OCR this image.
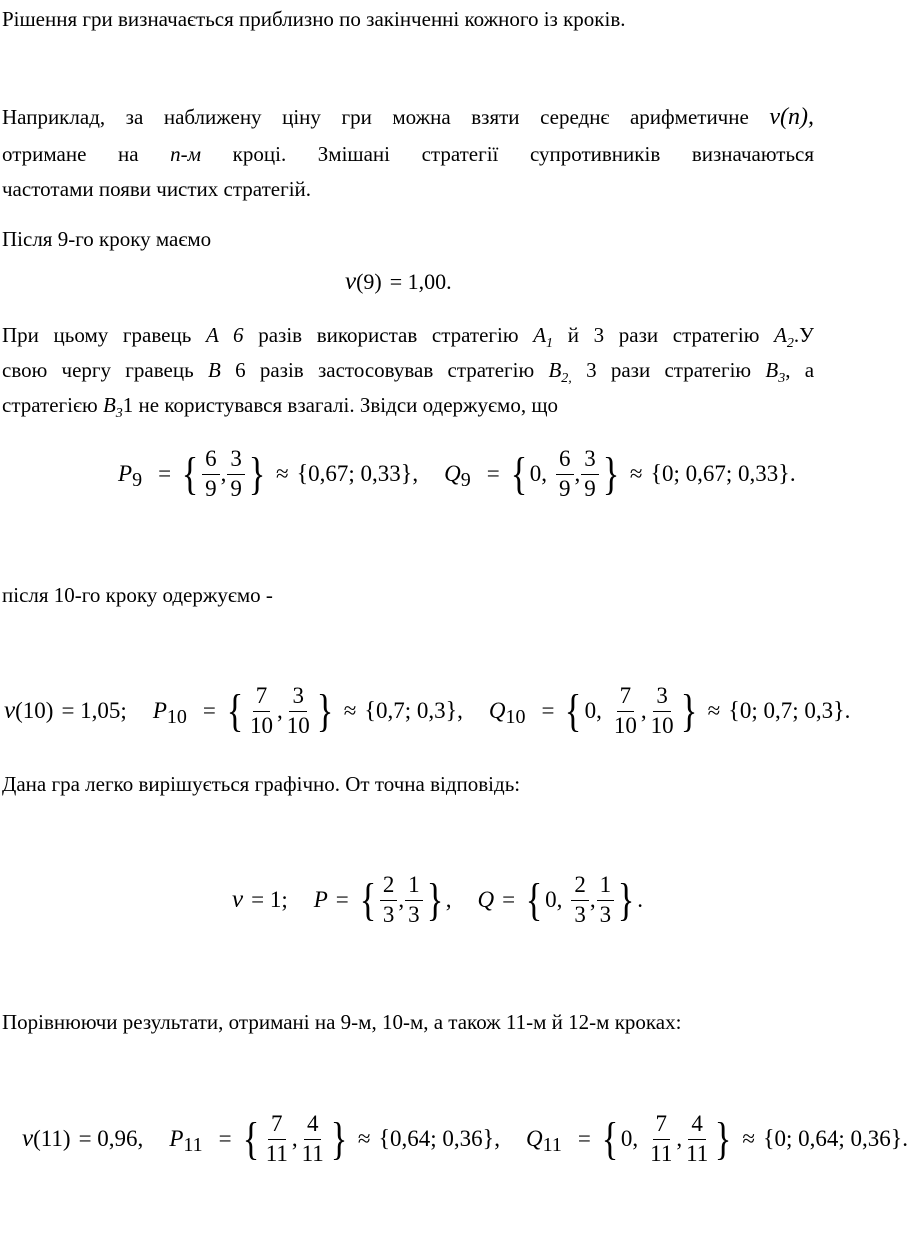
Рішення гри визначається приблизно по закінченні кожного із кроків.

Наприклад, за наближену ціну гри можна взяти середнє арифметичне ν(n),

отримане на n-м кроці. Змішані стратегії супротивників визначаються

частотами появи чистих стратегій.

Після 9-го кроку маємо

ν (9) = 1,00.

При цьому гравець A 6 разів використав стратегію $A_1$ й 3 рази стратегію $A_2.У$

свою чергу гравець B 6 разів застосовував стратегію $B_{2,}$ 3 рази стратегію $B_3$, а

стратегією $B_31$ не користувався взагалі. Звідси одержуємо, що

P 9 = { $\frac{6}{9}$ , $\frac{3}{9}$ } ≈ { 0,67; 0,33 } , Q 9 = { 0, $\frac{6}{9}$ , $\frac{3}{9}$ } ≈ { 0; 0,67; 0,33 } .

після 10-го кроку одержуємо -

ν (10) = 1,05; P 10 = { $\frac{7}{10}$ , $\frac{3}{10}$ } ≈ { 0,7; 0,3 } , Q 10 = { 0, $\frac{7}{10}$ , $\frac{3}{10}$ } ≈ { 0; 0,7; 0,3 } .

Дана гра легко вирішується графічно. От точна відповідь:

ν = 1; P = { $\frac{2}{3}$ , $\frac{1}{3}$ } , Q = { 0, $\frac{2}{3}$ , $\frac{1}{3}$ } .

Порівнюючи результати, отримані на 9-м, 10-м, а також 11-м й 12-м кроках:

ν (11) = 0,96, P 11 = { $\frac{7}{11}$ , $\frac{4}{11}$ } ≈ { 0,64; 0,36 } , Q 11 = { 0, $\frac{7}{11}$ , $\frac{4}{11}$ } ≈ { 0; 0,64; 0,36 } .
